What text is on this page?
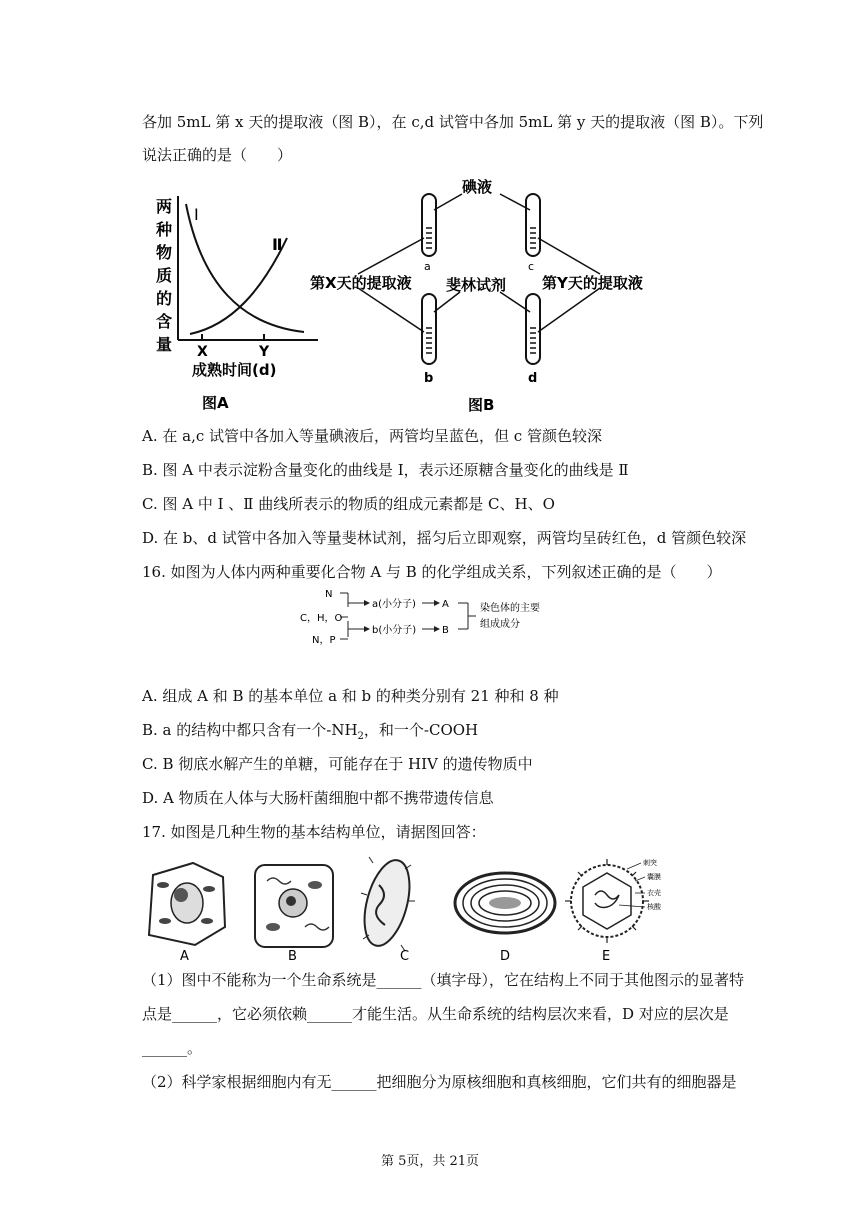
各加 5mL 第 x 天的提取液（图 B），在 c,d 试管中各加 5mL 第 y 天的提取液（图 B）。下列
说法正确的是（　　）
两
种
物
质
的
含
量
I
Ⅱ
X	Y
成熟时间(d)
图A
a
b
c
d
碘液
第X天的提取液 斐林试剂 第Y天的提取液
图B
A. 在 a,c 试管中各加入等量碘液后，两管均呈蓝色，但 c 管颜色较深
B. 图 A 中表示淀粉含量变化的曲线是 I，表示还原糖含量变化的曲线是 Ⅱ
C. 图 A 中 I 、Ⅱ 曲线所表示的物质的组成元素都是 C、H、O
D. 在 b、d 试管中各加入等量斐林试剂，摇匀后立即观察，两管均呈砖红色，d 管颜色较深
16. 如图为人体内两种重要化合物 A 与 B 的化学组成关系，下列叙述正确的是（　　）
N
C，H，O
N，P
a(小分子)
b(小分子)
A
B
染色体的主要
组成成分
A. 组成 A 和 B 的基本单位 a 和 b 的种类分别有 21 种和 8 种
B. a 的结构中都只含有一个$-NH_2$，和一个-COOH
C. B 彻底水解产生的单糖，可能存在于 HIV 的遗传物质中
D. A 物质在人体与大肠杆菌细胞中都不携带遗传信息
17. 如图是几种生物的基本结构单位，请据图回答：
A	B	C	D
刺突
囊膜
衣壳
核酸
E
（1）图中不能称为一个生命系统是______（填字母），它在结构上不同于其他图示的显著特
点是______，它必须依赖______才能生活。从生命系统的结构层次来看，D 对应的层次是
______。
（2）科学家根据细胞内有无______把细胞分为原核细胞和真核细胞，它们共有的细胞器是
第 5页，共 21页
